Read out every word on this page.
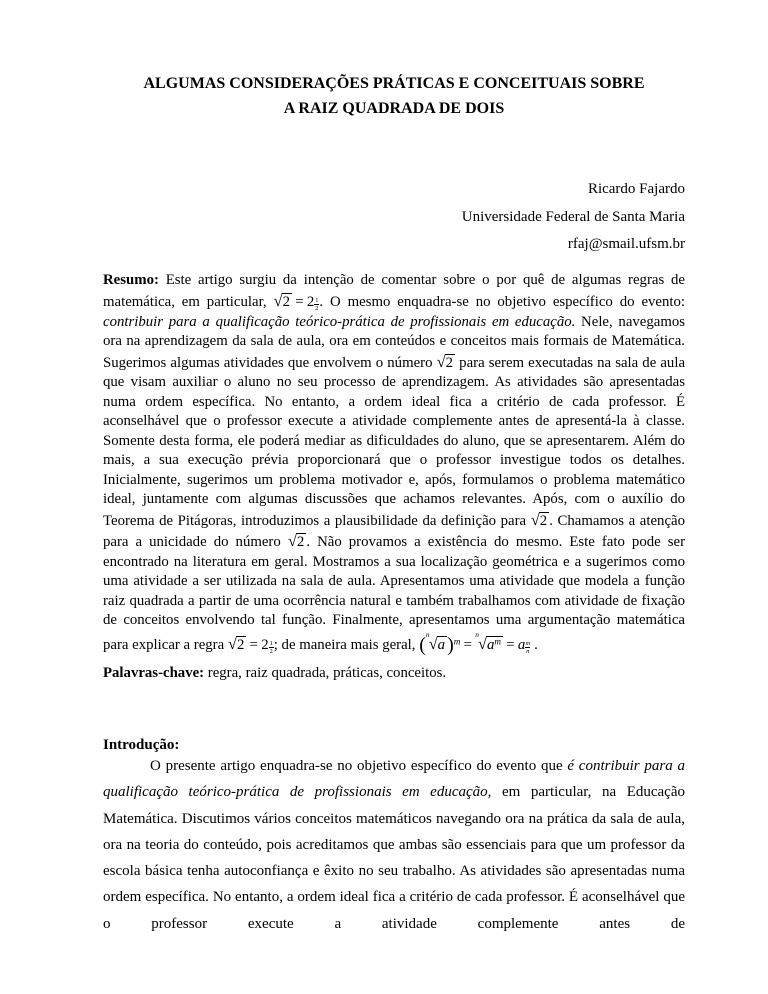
ALGUMAS CONSIDERAÇÕES PRÁTICAS E CONCEITUAIS SOBRE
A RAIZ QUADRADA DE DOIS
Ricardo Fajardo
Universidade Federal de Santa Maria
rfaj@smail.ufsm.br

Resumo: Este artigo surgiu da intenção de comentar sobre o por quê de algumas regras de matemática, em particular, $√2 = 2 \frac{1}{2}$ . O mesmo enquadra-se no objetivo específico do evento: contribuir para a qualificação teórico-prática de profissionais em educação. Nele, navegamos ora na aprendizagem da sala de aula, ora em conteúdos e conceitos mais formais de Matemática. Sugerimos algumas atividades que envolvem o número √2 para serem executadas na sala de aula que visam auxiliar o aluno no seu processo de aprendizagem. As atividades são apresentadas numa ordem específica. No entanto, a ordem ideal fica a critério de cada professor. É aconselhável que o professor execute a atividade complemente antes de apresentá-la à classe. Somente desta forma, ele poderá mediar as dificuldades do aluno, que se apresentarem. Além do mais, a sua execução prévia proporcionará que o professor investigue todos os detalhes. Inicialmente, sugerimos um problema motivador e, após, formulamos o problema matemático ideal, juntamente com algumas discussões que achamos relevantes. Após, com o auxílio do Teorema de Pitágoras, introduzimos a plausibilidade da definição para √2 . Chamamos a atenção para a unicidade do número √2 . Não provamos a existência do mesmo. Este fato pode ser encontrado na literatura em geral. Mostramos a sua localização geométrica e a sugerimos como uma atividade a ser utilizada na sala de aula. Apresentamos uma atividade que modela a função raiz quadrada a partir de uma ocorrência natural e também trabalhamos com atividade de fixação de conceitos envolvendo tal função. Finalmente, apresentamos uma argumentação matemática para explicar a regra $√2 = 2 \frac{1}{2}$ ; de maneira mais geral, ($^n$√a )$^m =^n√a^m = a \frac{m}{n}$ .

Palavras-chave: regra, raiz quadrada, práticas, conceitos.

Introdução:

O presente artigo enquadra-se no objetivo específico do evento que é contribuir para a qualificação teórico-prática de profissionais em educação, em particular, na Educação Matemática. Discutimos vários conceitos matemáticos navegando ora na prática da sala de aula, ora na teoria do conteúdo, pois acreditamos que ambas são essenciais para que um professor da escola básica tenha autoconfiança e êxito no seu trabalho. As atividades são apresentadas numa ordem específica. No entanto, a ordem ideal fica a critério de cada professor. É aconselhável que o professor execute a atividade complemente antes de
